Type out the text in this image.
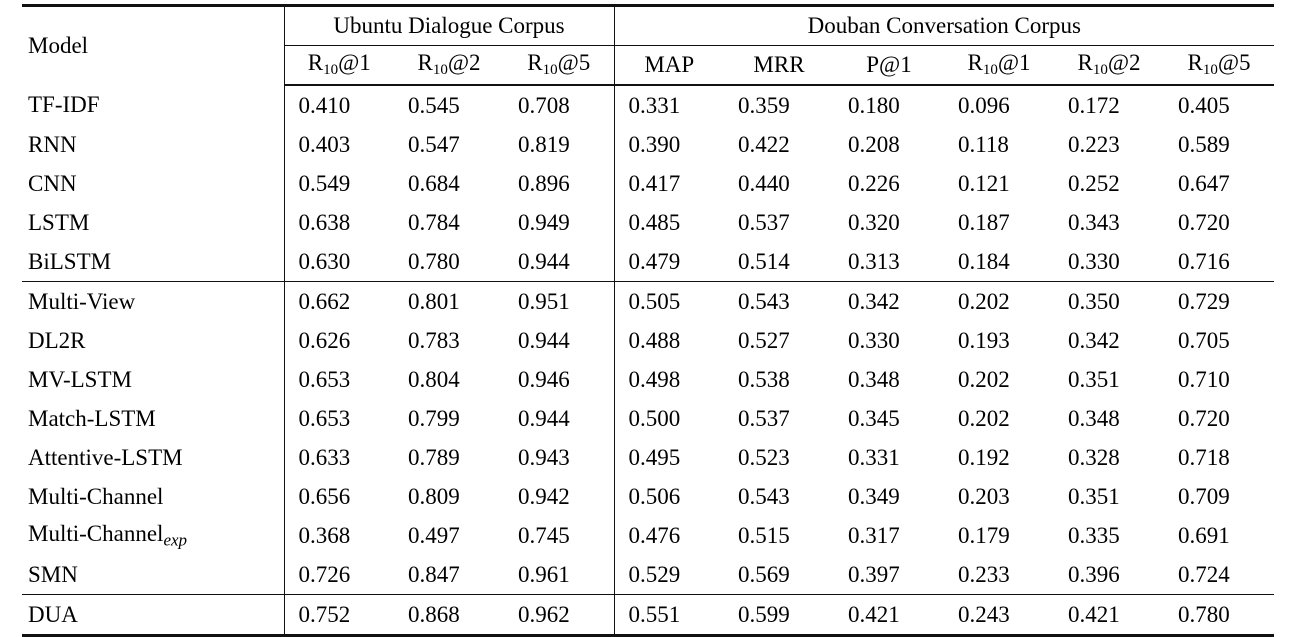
Model	Ubuntu Dialogue Corpus			Douban Conversation Corpus					
	$R_{10}@1$	$R_{10}@2$	$R_{10}@5$	MAP	MRR	P@1	$R_{10}@1$	$R_{10}@2$	$R_{10}@5$
TF-IDF	0.410	0.545	0.708	0.331	0.359	0.180	0.096	0.172	0.405
RNN	0.403	0.547	0.819	0.390	0.422	0.208	0.118	0.223	0.589
CNN	0.549	0.684	0.896	0.417	0.440	0.226	0.121	0.252	0.647
LSTM	0.638	0.784	0.949	0.485	0.537	0.320	0.187	0.343	0.720
BiLSTM	0.630	0.780	0.944	0.479	0.514	0.313	0.184	0.330	0.716
Multi-View	0.662	0.801	0.951	0.505	0.543	0.342	0.202	0.350	0.729
DL2R	0.626	0.783	0.944	0.488	0.527	0.330	0.193	0.342	0.705
MV-LSTM	0.653	0.804	0.946	0.498	0.538	0.348	0.202	0.351	0.710
Match-LSTM	0.653	0.799	0.944	0.500	0.537	0.345	0.202	0.348	0.720
Attentive-LSTM	0.633	0.789	0.943	0.495	0.523	0.331	0.192	0.328	0.718
Multi-Channel	0.656	0.809	0.942	0.506	0.543	0.349	0.203	0.351	0.709
Multi-Channelexp	0.368	0.497	0.745	0.476	0.515	0.317	0.179	0.335	0.691
SMN	0.726	0.847	0.961	0.529	0.569	0.397	0.233	0.396	0.724
DUA	0.752	0.868	0.962	0.551	0.599	0.421	0.243	0.421	0.780
